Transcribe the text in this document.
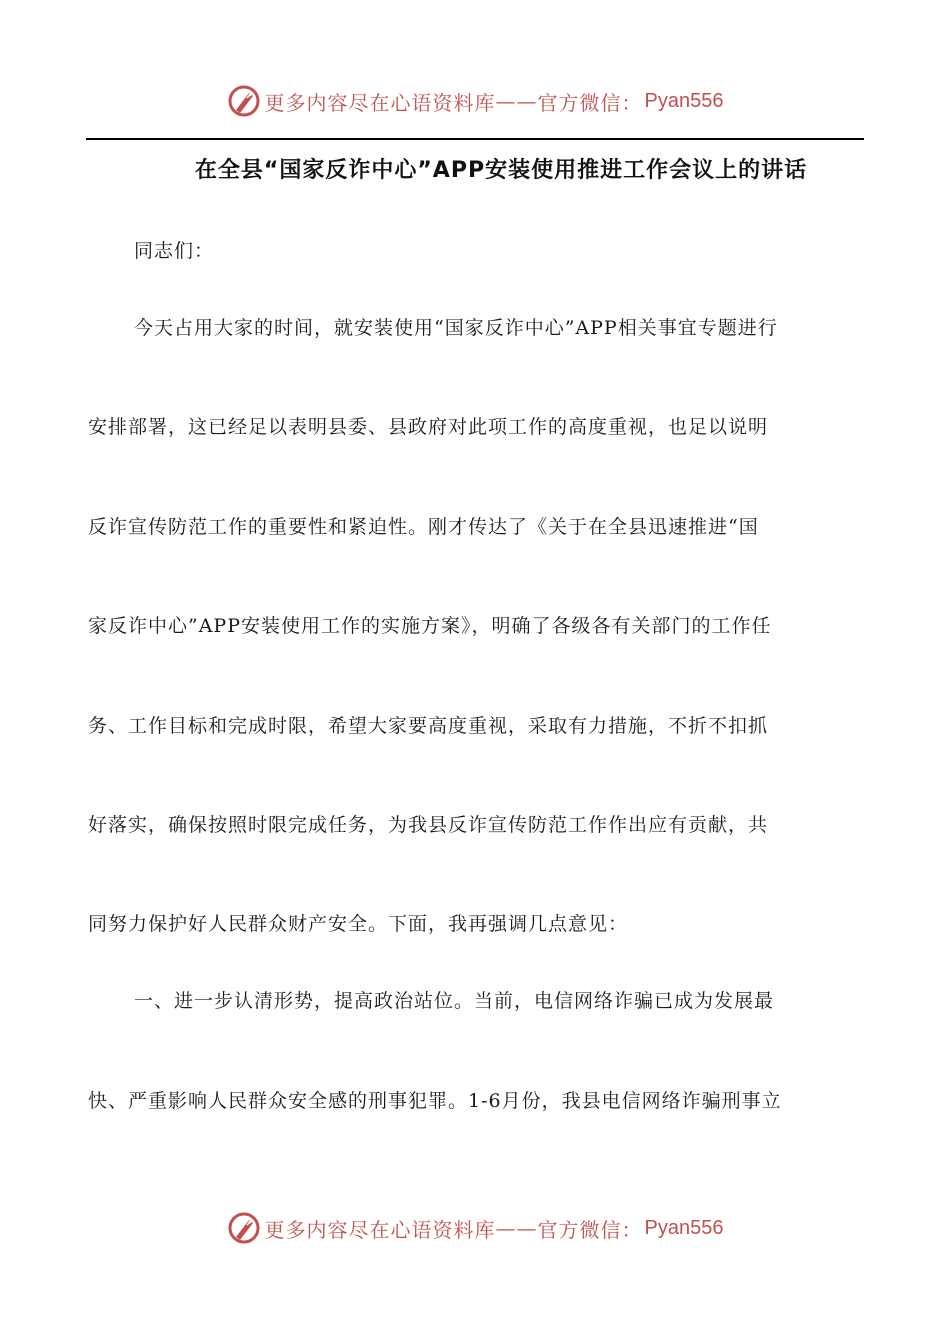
更多内容尽在心语资料库 —— 官方微信： Pyan556
在全县“国家反诈中心”APP安装使用推进工作会议上的讲话
同志们：
今天占用大家的时间，就安装使用“国家反诈中心”APP相关事宜专题进行
安排部署，这已经足以表明县委、县政府对此项工作的高度重视，也足以说明
反诈宣传防范工作的重要性和紧迫性。刚才传达了《关于在全县迅速推进“国
家反诈中心”APP安装使用工作的实施方案》，明确了各级各有关部门的工作任
务、工作目标和完成时限，希望大家要高度重视，采取有力措施，不折不扣抓
好落实，确保按照时限完成任务，为我县反诈宣传防范工作作出应有贡献，共
同努力保护好人民群众财产安全。下面，我再强调几点意见：
一、进一步认清形势，提高政治站位。当前，电信网络诈骗已成为发展最
快、严重影响人民群众安全感的刑事犯罪。1-6月份，我县电信网络诈骗刑事立
更多内容尽在心语资料库 —— 官方微信： Pyan556
